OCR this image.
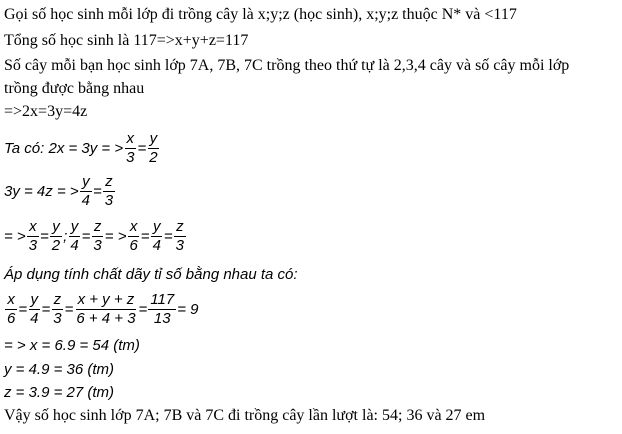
Gọi số học sinh mỗi lớp đi trồng cây là x;y;z (học sinh), x;y;z thuộc N* và <117
Tổng số học sinh là 117=>x+y+z=117
Số cây mỗi bạn học sinh lớp 7A, 7B, 7C trồng theo thứ tự là 2,3,4 cây và số cây mỗi lớp
trồng được bằng nhau
=>2x=3y=4z
Ta có: 2x = 3y = > $\frac{x}{3} = \frac{y}{2}$
3y = 4z = > $\frac{y}{4} = \frac{z}{3}$
= > $\frac{x}{3} = \frac{y}{2}$ ; $\frac{y}{4} = \frac{z}{3}$ = > $\frac{x}{6} = \frac{y}{4} = \frac{z}{3}$
Áp dụng tính chất dãy tỉ số bằng nhau ta có:
$\frac{x}{6} = \frac{y}{4} = \frac{z}{3} = \frac{x + y + z}{6 + 4 + 3} = \frac{117}{13} = 9$
= > x = 6.9 = 54 (tm)
y = 4.9 = 36 (tm)
z = 3.9 = 27 (tm)
Vậy số học sinh lớp 7A; 7B và 7C đi trồng cây lần lượt là: 54; 36 và 27 em
